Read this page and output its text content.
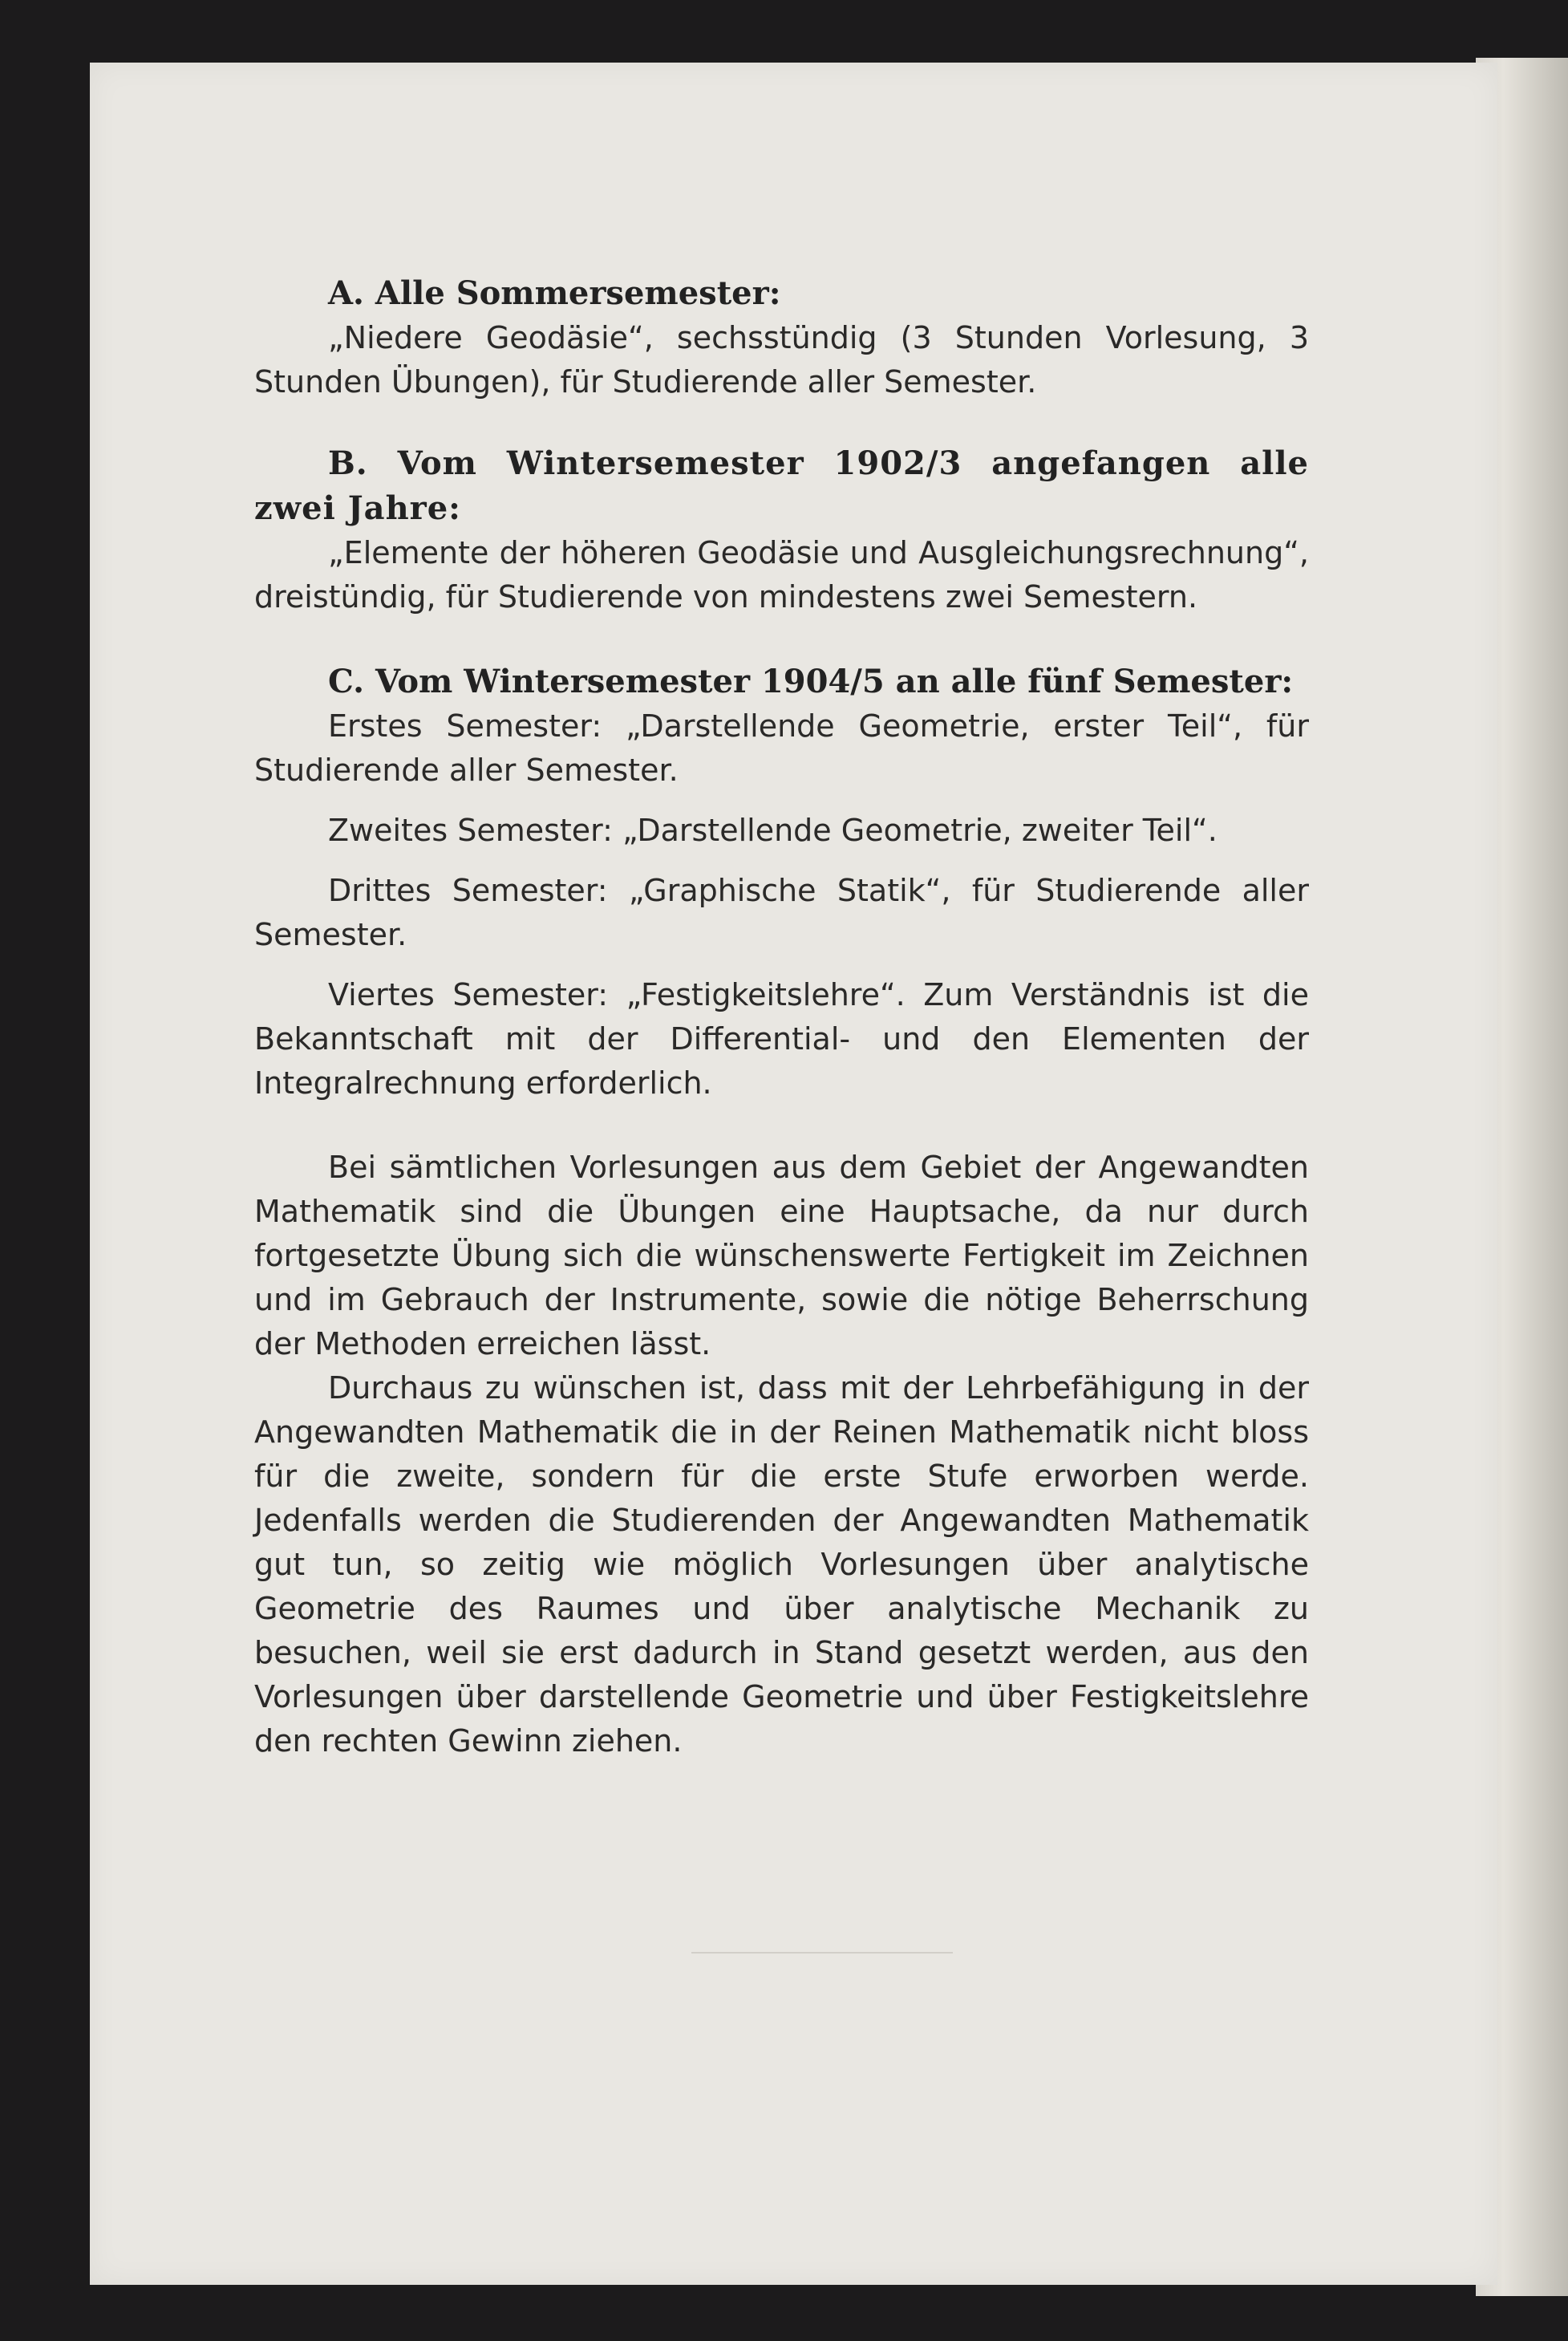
A. Alle Sommersemester:

„Niedere Geodäsie“, sechsstündig (3 Stunden Vorlesung, 3 Stunden Übungen), für Studierende aller Semester.

B. Vom Wintersemester 1902/3 angefangen alle zwei Jahre:

„Elemente der höheren Geodäsie und Ausgleichungsrechnung“, dreistündig, für Studierende von mindestens zwei Semestern.

C. Vom Wintersemester 1904/5 an alle fünf Semester:

Erstes Semester: „Darstellende Geometrie, erster Teil“, für Studierende aller Semester.

Zweites Semester: „Darstellende Geometrie, zweiter Teil“.

Drittes Semester: „Graphische Statik“, für Studierende aller Semester.

Viertes Semester: „Festigkeitslehre“. Zum Verständnis ist die Bekanntschaft mit der Differential- und den Elementen der Integralrechnung erforderlich.

Bei sämtlichen Vorlesungen aus dem Gebiet der Angewandten Mathematik sind die Übungen eine Hauptsache, da nur durch fortgesetzte Übung sich die wünschenswerte Fertigkeit im Zeichnen und im Gebrauch der Instrumente, sowie die nötige Beherrschung der Methoden erreichen lässt.

Durchaus zu wünschen ist, dass mit der Lehrbefähigung in der Angewandten Mathematik die in der Reinen Mathematik nicht bloss für die zweite, sondern für die erste Stufe erworben werde. Jedenfalls werden die Studierenden der Angewandten Mathematik gut tun, so zeitig wie möglich Vorlesungen über analytische Geometrie des Raumes und über analytische Mechanik zu besuchen, weil sie erst dadurch in Stand gesetzt werden, aus den Vorlesungen über darstellende Geometrie und über Festigkeitslehre den rechten Gewinn ziehen.
